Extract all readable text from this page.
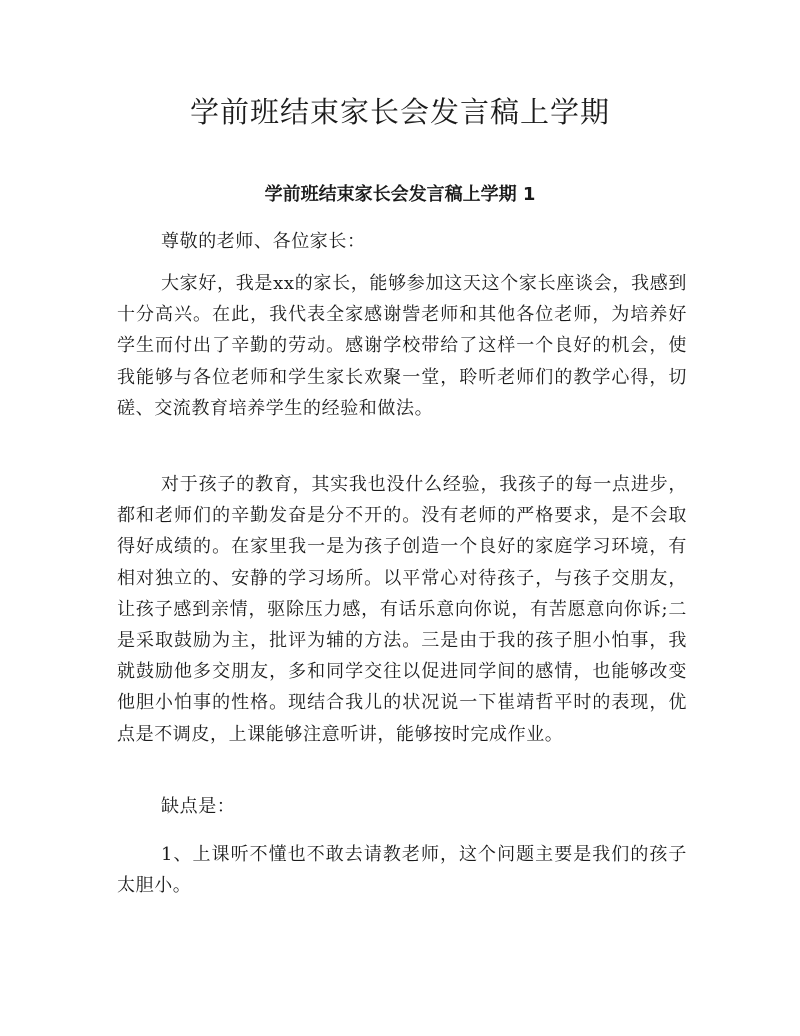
学前班结束家长会发言稿上学期
学前班结束家长会发言稿上学期 1

尊敬的老师、各位家长：

大家好，我是xx的家长，能够参加这天这个家长座谈会，我感到十分高兴。在此，我代表全家感谢訾老师和其他各位老师，为培养好学生而付出了辛勤的劳动。感谢学校带给了这样一个良好的机会，使我能够与各位老师和学生家长欢聚一堂，聆听老师们的教学心得，切磋、交流教育培养学生的经验和做法。

对于孩子的教育，其实我也没什么经验，我孩子的每一点进步，都和老师们的辛勤发奋是分不开的。没有老师的严格要求，是不会取得好成绩的。在家里我一是为孩子创造一个良好的家庭学习环境，有相对独立的、安静的学习场所。以平常心对待孩子，与孩子交朋友，让孩子感到亲情，驱除压力感，有话乐意向你说，有苦愿意向你诉;二是采取鼓励为主，批评为辅的方法。三是由于我的孩子胆小怕事，我就鼓励他多交朋友，多和同学交往以促进同学间的感情，也能够改变他胆小怕事的性格。现结合我儿的状况说一下崔靖哲平时的表现，优点是不调皮，上课能够注意听讲，能够按时完成作业。

缺点是：

1、上课听不懂也不敢去请教老师，这个问题主要是我们的孩子太胆小。
